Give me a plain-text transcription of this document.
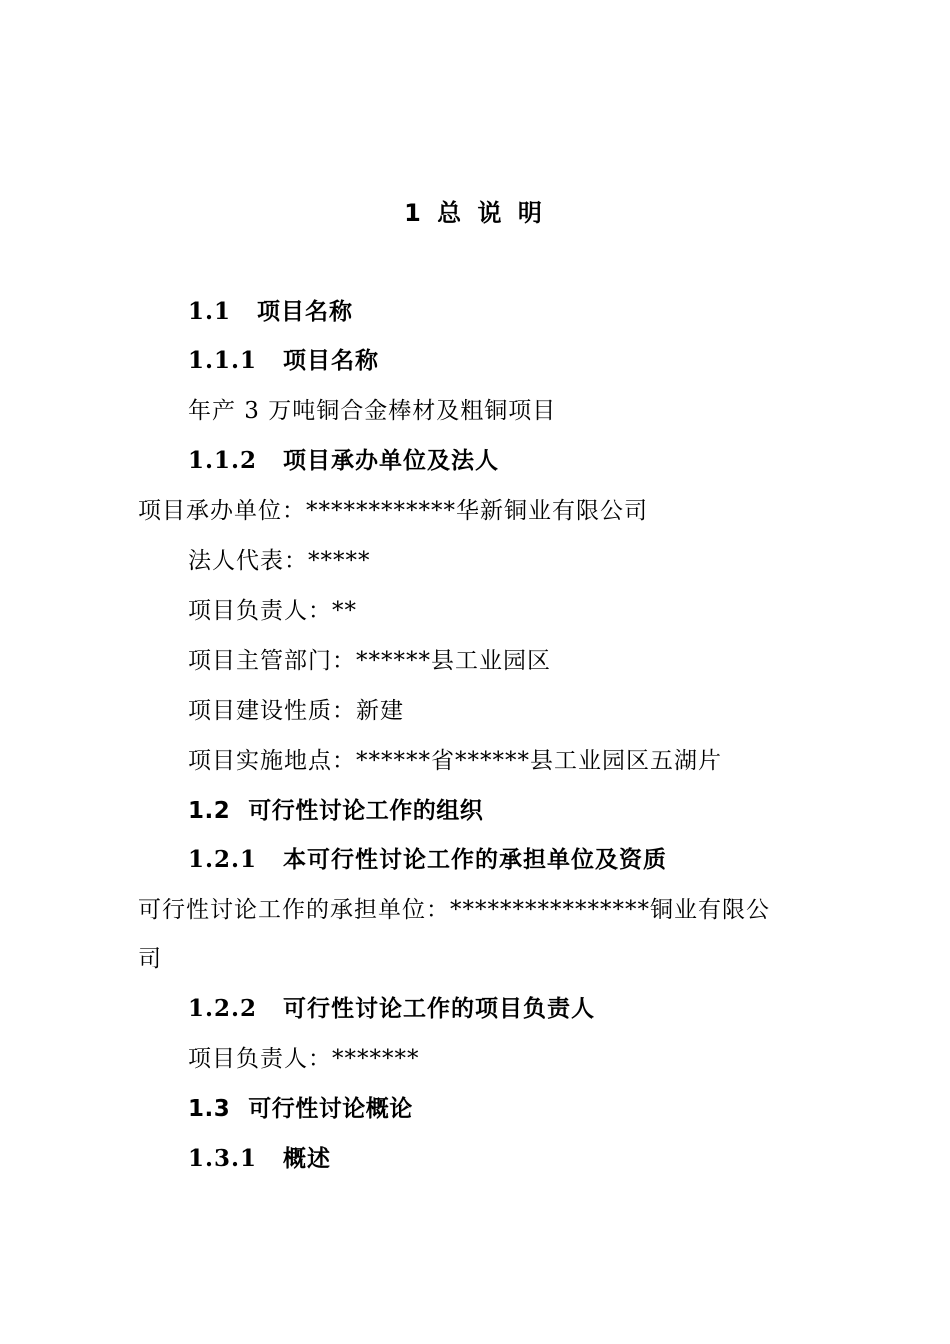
1 总 说 明
1.1 项目名称
1.1.1 项目名称
年产 3 万吨铜合金棒材及粗铜项目
1.1.2 项目承办单位及法人
项目承办单位：************华新铜业有限公司
法人代表：*****
项目负责人：**
项目主管部门：******县工业园区
项目建设性质：新建
项目实施地点：******省******县工业园区五湖片
1.2 可行性讨论工作的组织
1.2.1 本可行性讨论工作的承担单位及资质
可行性讨论工作的承担单位：****************铜业有限公
司
1.2.2 可行性讨论工作的项目负责人
项目负责人：*******
1.3 可行性讨论概论
1.3.1 概述
